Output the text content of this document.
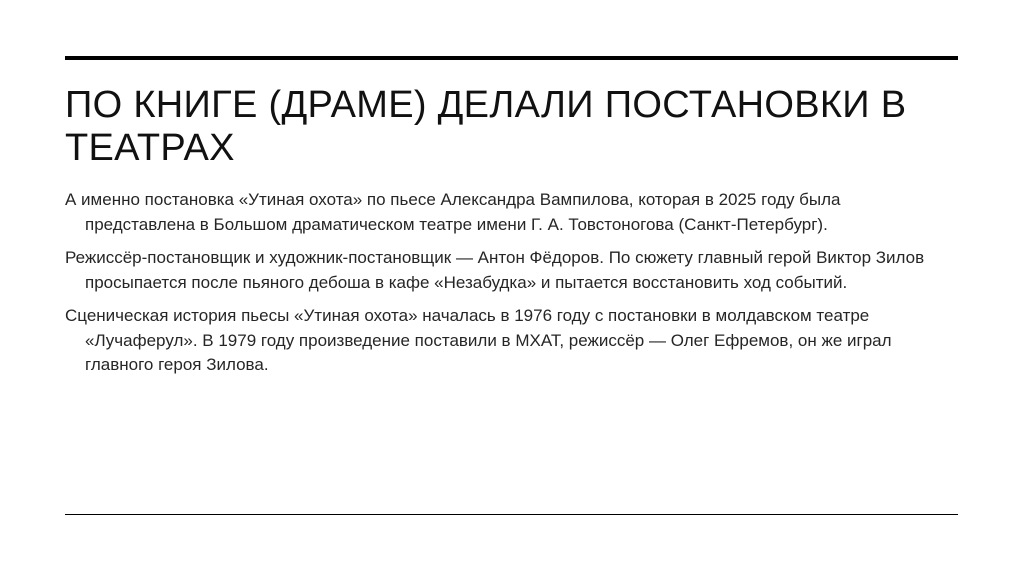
ПО КНИГЕ (ДРАМЕ) ДЕЛАЛИ ПОСТАНОВКИ В ТЕАТРАХ

А именно постановка «Утиная охота» по пьесе Александра Вампилова, которая в 2025 году была представлена в Большом драматическом театре имени Г. А. Товстоногова (Санкт-Петербург).

Режиссёр-постановщик и художник-постановщик — Антон Фёдоров. По сюжету главный герой Виктор Зилов просыпается после пьяного дебоша в кафе «Незабудка» и пытается восстановить ход событий.

Сценическая история пьесы «Утиная охота» началась в 1976 году с постановки в молдавском театре «Лучаферул». В 1979 году произведение поставили в МХАТ, режиссёр — Олег Ефремов, он же играл главного героя Зилова.
